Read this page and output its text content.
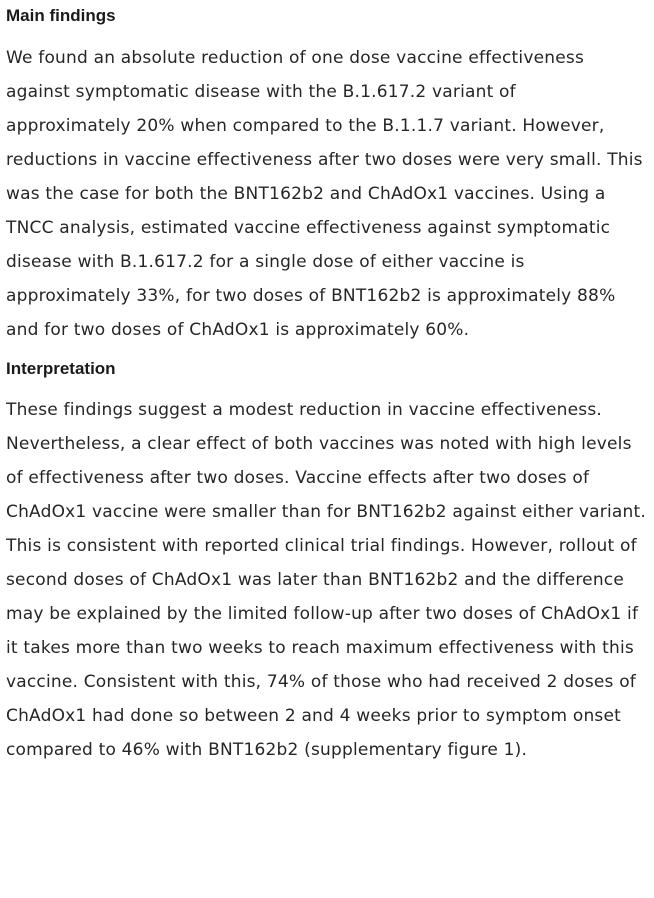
Main findings

We found an absolute reduction of one dose vaccine effectiveness against symptomatic disease with the B.1.617.2 variant of approximately 20% when compared to the B.1.1.7 variant. However, reductions in vaccine effectiveness after two doses were very small. This was the case for both the BNT162b2 and ChAdOx1 vaccines. Using a TNCC analysis, estimated vaccine effectiveness against symptomatic disease with B.1.617.2 for a single dose of either vaccine is approximately 33%, for two doses of BNT162b2 is approximately 88% and for two doses of ChAdOx1 is approximately 60%.

Interpretation

These findings suggest a modest reduction in vaccine effectiveness. Nevertheless, a clear effect of both vaccines was noted with high levels of effectiveness after two doses. Vaccine effects after two doses of ChAdOx1 vaccine were smaller than for BNT162b2 against either variant. This is consistent with reported clinical trial findings. However, rollout of second doses of ChAdOx1 was later than BNT162b2 and the difference may be explained by the limited follow-up after two doses of ChAdOx1 if it takes more than two weeks to reach maximum effectiveness with this vaccine. Consistent with this, 74% of those who had received 2 doses of ChAdOx1 had done so between 2 and 4 weeks prior to symptom onset compared to 46% with BNT162b2 (supplementary figure 1).
